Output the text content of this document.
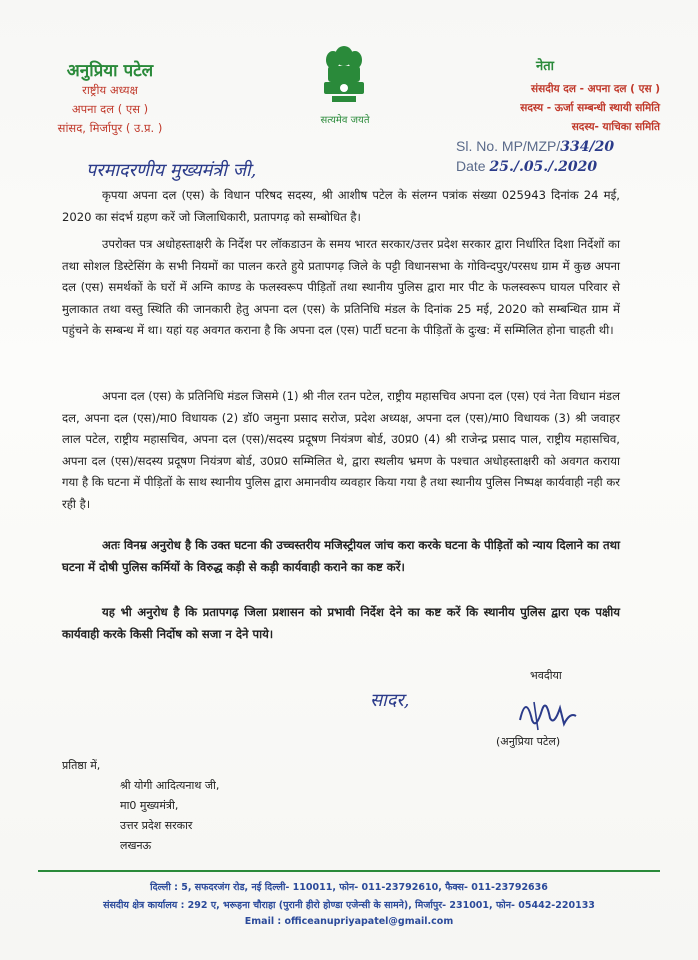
अनुप्रिया पटेल
राष्ट्रीय अध्यक्ष
अपना दल ( एस )
सांसद, मिर्जापुर ( उ.प्र. )
सत्यमेव जयते
नेता
संसदीय दल - अपना दल ( एस )
सदस्य - ऊर्जा सम्बन्धी स्थायी समिति
सदस्य- याचिका समिति
Sl. No. MP/MZP/334/20
Date 25./.05./.2020
परमादरणीय मुख्यमंत्री जी,
कृपया अपना दल (एस) के विधान परिषद सदस्य, श्री आशीष पटेल के संलग्न पत्रांक संख्या 025943 दिनांक 24 मई, 2020 का संदर्भ ग्रहण करें जो जिलाधिकारी, प्रतापगढ़ को सम्बोधित है।
उपरोक्त पत्र अधोहस्ताक्षरी के निर्देश पर लॉकडाउन के समय भारत सरकार/उत्तर प्रदेश सरकार द्वारा निर्धारित दिशा निर्देशों का तथा सोशल डिस्टेसिंग के सभी नियमों का पालन करते हुये प्रतापगढ़ जिले के पट्टी विधानसभा के गोविन्दपुर/परसध ग्राम में कुछ अपना दल (एस) समर्थकों के घरों में अग्नि काण्ड के फलस्वरूप पीड़ितों तथा स्थानीय पुलिस द्वारा मार पीट के फलस्वरूप घायल परिवार से मुलाकात तथा वस्तु स्थिति की जानकारी हेतु अपना दल (एस) के प्रतिनिधि मंडल के दिनांक 25 मई, 2020 को सम्बन्धित ग्राम में पहुंचने के सम्बन्ध में था। यहां यह अवगत कराना है कि अपना दल (एस) पार्टी घटना के पीड़ितों के दुःख: में सम्मिलित होना चाहती थी।
अपना दल (एस) के प्रतिनिधि मंडल जिसमे (1) श्री नील रतन पटेल, राष्ट्रीय महासचिव अपना दल (एस) एवं नेता विधान मंडल दल, अपना दल (एस)/मा0 विधायक (2) डॉ0 जमुना प्रसाद सरोज, प्रदेश अध्यक्ष, अपना दल (एस)/मा0 विधायक (3) श्री जवाहर लाल पटेल, राष्ट्रीय महासचिव, अपना दल (एस)/सदस्य प्रदूषण नियंत्रण बोर्ड, उ0प्र0 (4) श्री राजेन्द्र प्रसाद पाल, राष्ट्रीय महासचिव, अपना दल (एस)/सदस्य प्रदूषण नियंत्रण बोर्ड, उ0प्र0 सम्मिलित थे, द्वारा स्थलीय भ्रमण के पश्चात अधोहस्ताक्षरी को अवगत कराया गया है कि घटना में पीड़ितों के साथ स्थानीय पुलिस द्वारा अमानवीय व्यवहार किया गया है तथा स्थानीय पुलिस निष्पक्ष कार्यवाही नही कर रही है।
अतः विनम्र अनुरोध है कि उक्त घटना की उच्चस्तरीय मजिस्ट्रीयल जांच करा करके घटना के पीड़ितों को न्याय दिलाने का तथा घटना में दोषी पुलिस कर्मियों के विरुद्ध कड़ी से कड़ी कार्यवाही कराने का कष्ट करें।
यह भी अनुरोध है कि प्रतापगढ़ जिला प्रशासन को प्रभावी निर्देश देने का कष्ट करें कि स्थानीय पुलिस द्वारा एक पक्षीय कार्यवाही करके किसी निर्दोष को सजा न देने पाये।
सादर,
भवदीया
(अनुप्रिया पटेल)
प्रतिष्ठा में,
श्री योगी आदित्यनाथ जी,
मा0 मुख्यमंत्री,
उत्तर प्रदेश सरकार
लखनऊ
दिल्ली : 5, सफदरजंग रोड, नई दिल्ली- 110011, फोन- 011-23792610, फैक्स- 011-23792636
संसदीय क्षेत्र कार्यालय : 292 ए, भरूहना चौराहा (पुरानी हीरो होण्डा एजेन्सी के सामने), मिर्जापुर- 231001, फोन- 05442-220133
Email : officeanupriyapatel@gmail.com
